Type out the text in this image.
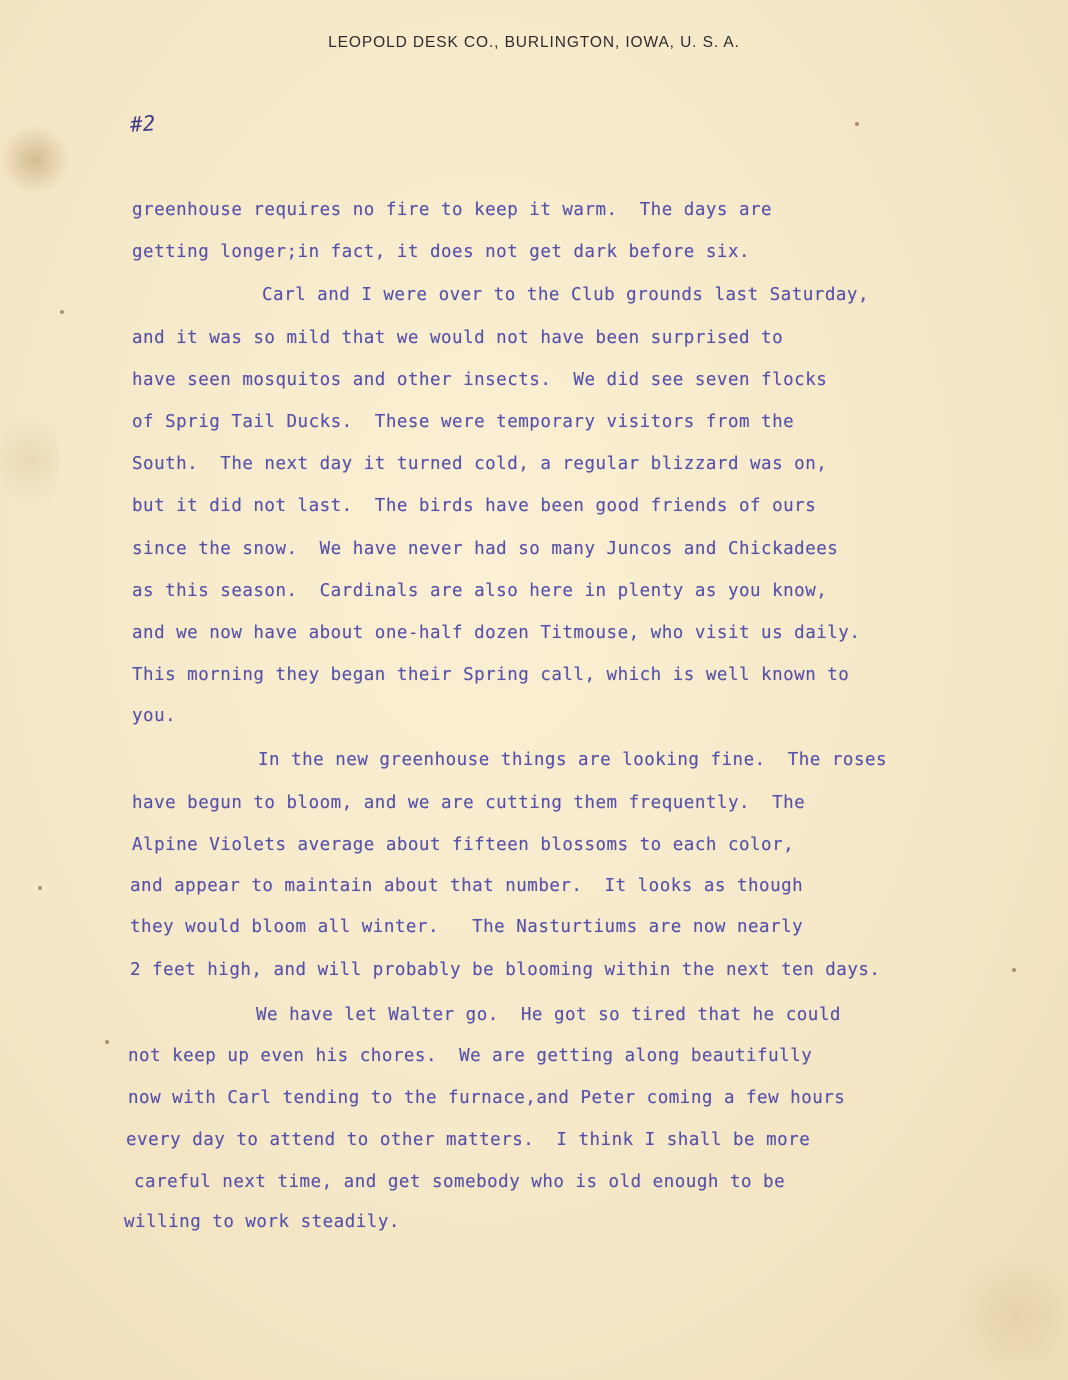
LEOPOLD DESK CO., BURLINGTON, IOWA, U. S. A.
#2
greenhouse requires no fire to keep it warm.  The days are
getting longer;in fact, it does not get dark before six.
Carl and I were over to the Club grounds last Saturday,
and it was so mild that we would not have been surprised to
have seen mosquitos and other insects.  We did see seven flocks
of Sprig Tail Ducks.  These were temporary visitors from the
South.  The next day it turned cold, a regular blizzard was on,
but it did not last.  The birds have been good friends of ours
since the snow.  We have never had so many Juncos and Chickadees
as this season.  Cardinals are also here in plenty as you know,
and we now have about one-half dozen Titmouse, who visit us daily.
This morning they began their Spring call, which is well known to
you.
In the new greenhouse things are looking fine.  The roses
have begun to bloom, and we are cutting them frequently.  The
Alpine Violets average about fifteen blossoms to each color,
and appear to maintain about that number.  It looks as though
they would bloom all winter.   The Nasturtiums are now nearly
2 feet high, and will probably be blooming within the next ten days.
We have let Walter go.  He got so tired that he could
not keep up even his chores.  We are getting along beautifully
now with Carl tending to the furnace,and Peter coming a few hours
every day to attend to other matters.  I think I shall be more
careful next time, and get somebody who is old enough to be
willing to work steadily.
